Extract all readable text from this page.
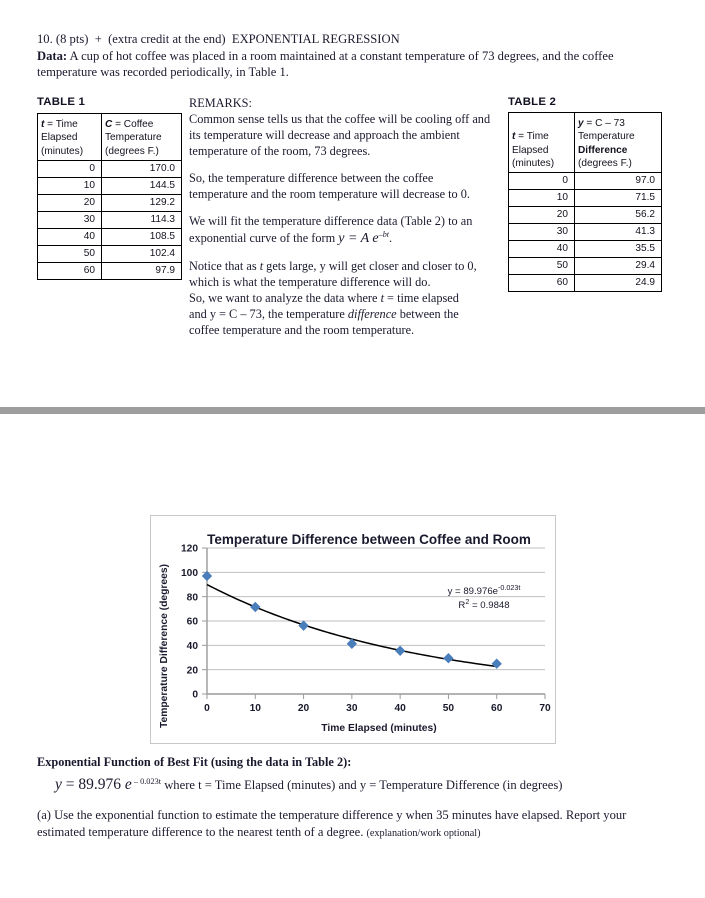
10. (8 pts)  +  (extra credit at the end)  EXPONENTIAL REGRESSION
Data: A cup of hot coffee was placed in a room maintained at a constant temperature of 73 degrees, and the coffee temperature was recorded periodically, in Table 1.
TABLE 1
t = Time
Elapsed
(minutes)	C = Coffee
Temperature
(degrees F.)
0	170.0
10	144.5
20	129.2
30	114.3
40	108.5
50	102.4
60	97.9
REMARKS:
Common sense tells us that the coffee will be cooling off and its temperature will decrease and approach the ambient temperature of the room, 73 degrees.
So, the temperature difference between the coffee temperature and the room temperature will decrease to 0.
We will fit the temperature difference data (Table 2) to an exponential curve of the form y = A $e^{-bt}$.
Notice that as t gets large, y will get closer and closer to 0,
which is what the temperature difference will do.
So, we want to analyze the data where t = time elapsed
and y = C – 73, the temperature difference between the
coffee temperature and the room temperature.
TABLE 2
t = Time
Elapsed
(minutes)	y = C – 73
Temperature
Difference
(degrees F.)
0	97.0
10	71.5
20	56.2
30	41.3
40	35.5
50	29.4
60	24.9
0
20
40
60
80
100
120
0	10	20	30	40	50	60	70
Temperature Difference between Coffee and Room
Temperature Difference (degrees)
Time Elapsed (minutes)
$y = 89.976e^{-0.023t}$
$R^2 = 0.9848$
Exponential Function of Best Fit (using the data in Table 2):
y = 89.976 e $^{- 0.023t}$ where t = Time Elapsed (minutes) and y = Temperature Difference (in degrees)
(a) Use the exponential function to estimate the temperature difference y when 35 minutes have elapsed. Report your estimated temperature difference to the nearest tenth of a degree. (explanation/work optional)
